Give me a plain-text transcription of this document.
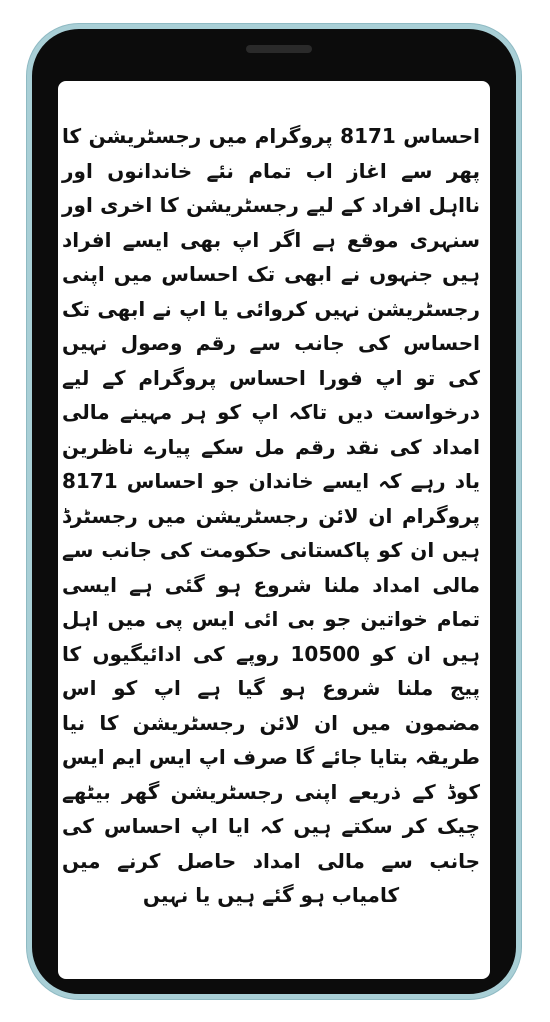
احساس 8171 پروگرام میں رجسٹریشن کا پھر سے اغاز اب تمام نئے خاندانوں اور نااہل افراد کے لیے رجسٹریشن کا اخری اور سنہری موقع ہے اگر اپ بھی ایسے افراد ہیں جنہوں نے ابھی تک احساس میں اپنی رجسٹریشن نہیں کروائی یا اپ نے ابھی تک احساس کی جانب سے رقم وصول نہیں کی تو اپ فورا احساس پروگرام کے لیے درخواست دیں تاکہ اپ کو ہر مہینے مالی امداد کی نقد رقم مل سکے پیارے ناظرین یاد رہے کہ ایسے خاندان جو احساس 8171 پروگرام ان لائن رجسٹریشن میں رجسٹرڈ ہیں ان کو پاکستانی حکومت کی جانب سے مالی امداد ملنا شروع ہو گئی ہے ایسی تمام خواتین جو بی ائی ایس پی میں اہل ہیں ان کو 10500 روپے کی ادائیگیوں کا پیج ملنا شروع ہو گیا ہے اپ کو اس مضمون میں ان لائن رجسٹریشن کا نیا طریقہ بتایا جائے گا صرف اپ ایس ایم ایس کوڈ کے ذریعے اپنی رجسٹریشن گھر بیٹھے چیک کر سکتے ہیں کہ ایا اپ احساس کی جانب سے مالی امداد حاصل کرنے میں کامیاب ہو گئے ہیں یا نہیں
